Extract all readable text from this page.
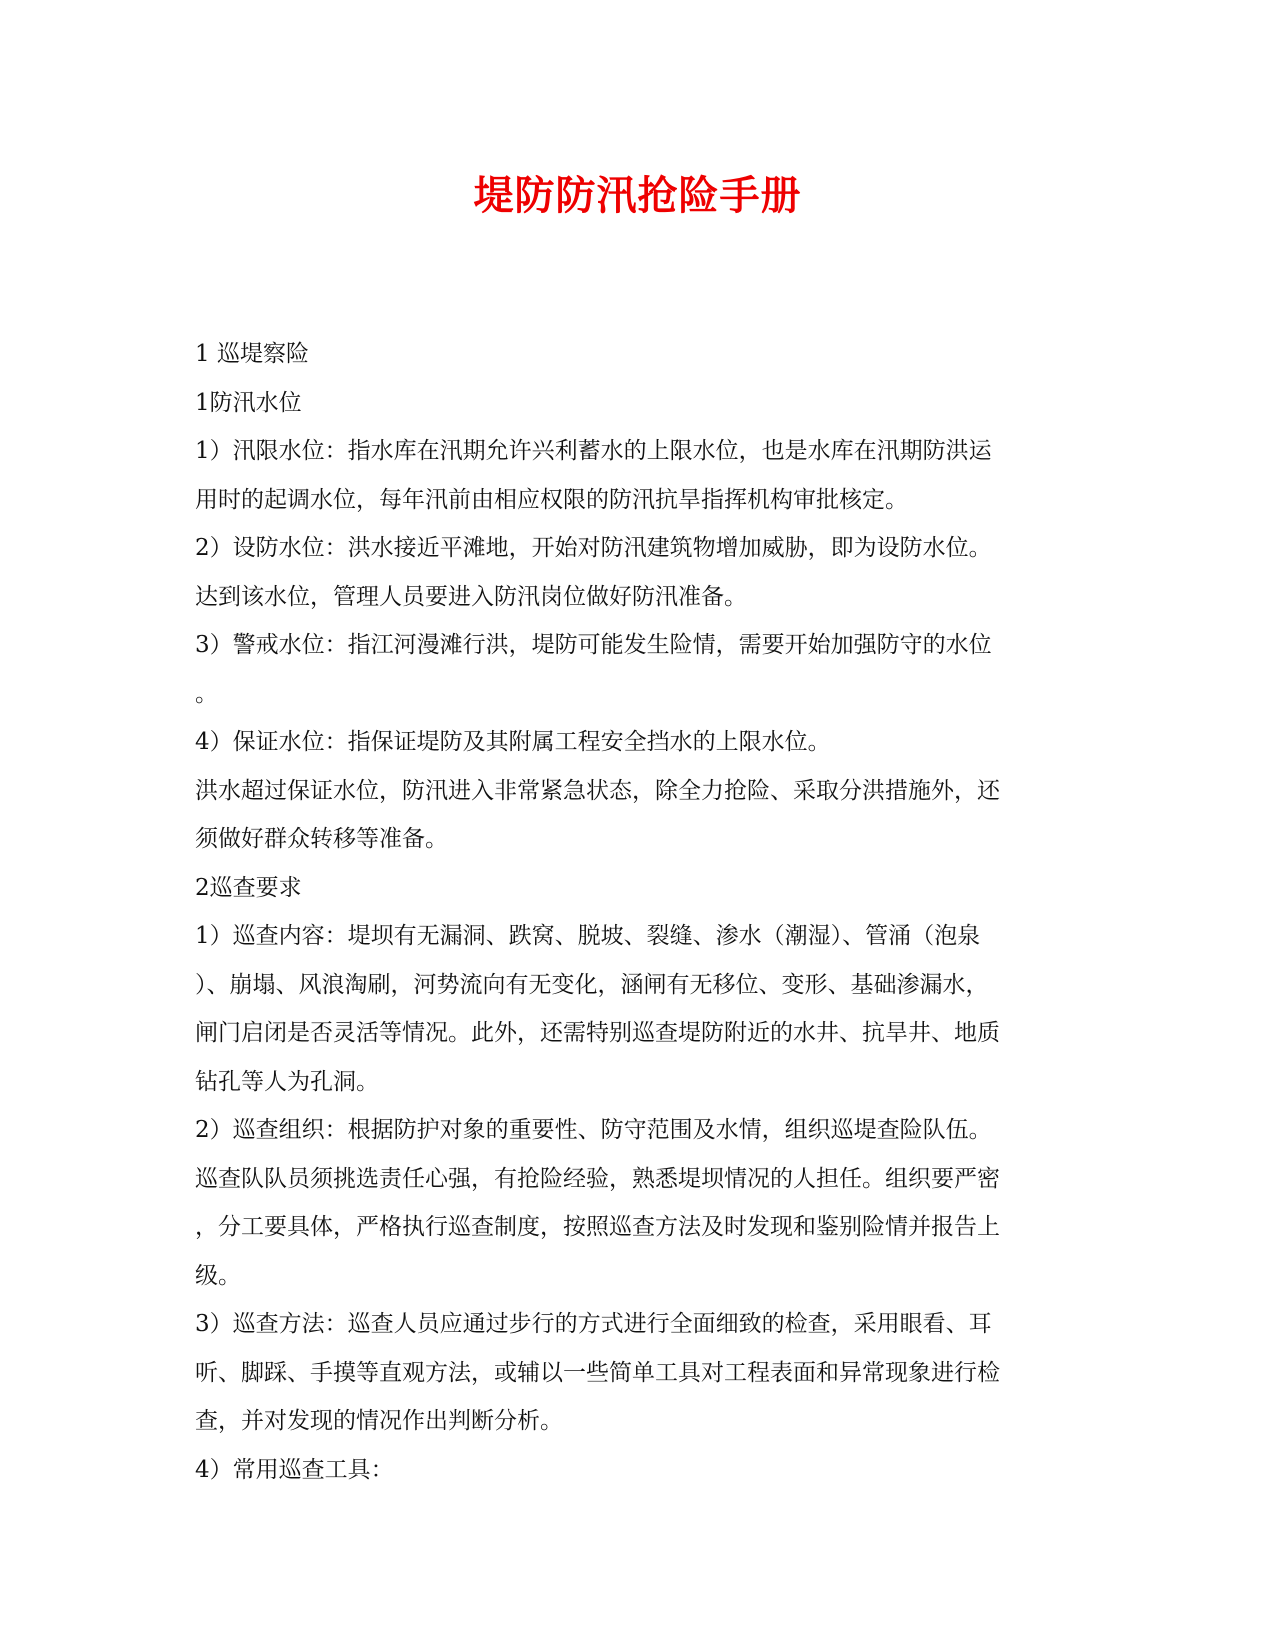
堤防防汛抢险手册
1 巡堤察险
1防汛水位
1）汛限水位：指水库在汛期允许兴利蓄水的上限水位，也是水库在汛期防洪运
用时的起调水位，每年汛前由相应权限的防汛抗旱指挥机构审批核定。
2）设防水位：洪水接近平滩地，开始对防汛建筑物增加威胁，即为设防水位。
达到该水位，管理人员要进入防汛岗位做好防汛准备。
3）警戒水位：指江河漫滩行洪，堤防可能发生险情，需要开始加强防守的水位
。
4）保证水位：指保证堤防及其附属工程安全挡水的上限水位。
洪水超过保证水位，防汛进入非常紧急状态，除全力抢险、采取分洪措施外，还
须做好群众转移等准备。
2巡查要求
1）巡查内容：堤坝有无漏洞、跌窝、脱坡、裂缝、渗水（潮湿）、管涌（泡泉
）、崩塌、风浪淘刷，河势流向有无变化，涵闸有无移位、变形、基础渗漏水，
闸门启闭是否灵活等情况。此外，还需特别巡查堤防附近的水井、抗旱井、地质
钻孔等人为孔洞。
2）巡查组织：根据防护对象的重要性、防守范围及水情，组织巡堤查险队伍。
巡查队队员须挑选责任心强，有抢险经验，熟悉堤坝情况的人担任。组织要严密
，分工要具体，严格执行巡查制度，按照巡查方法及时发现和鉴别险情并报告上
级。
3）巡查方法：巡查人员应通过步行的方式进行全面细致的检查，采用眼看、耳
听、脚踩、手摸等直观方法，或辅以一些简单工具对工程表面和异常现象进行检
查，并对发现的情况作出判断分析。
4）常用巡查工具：
